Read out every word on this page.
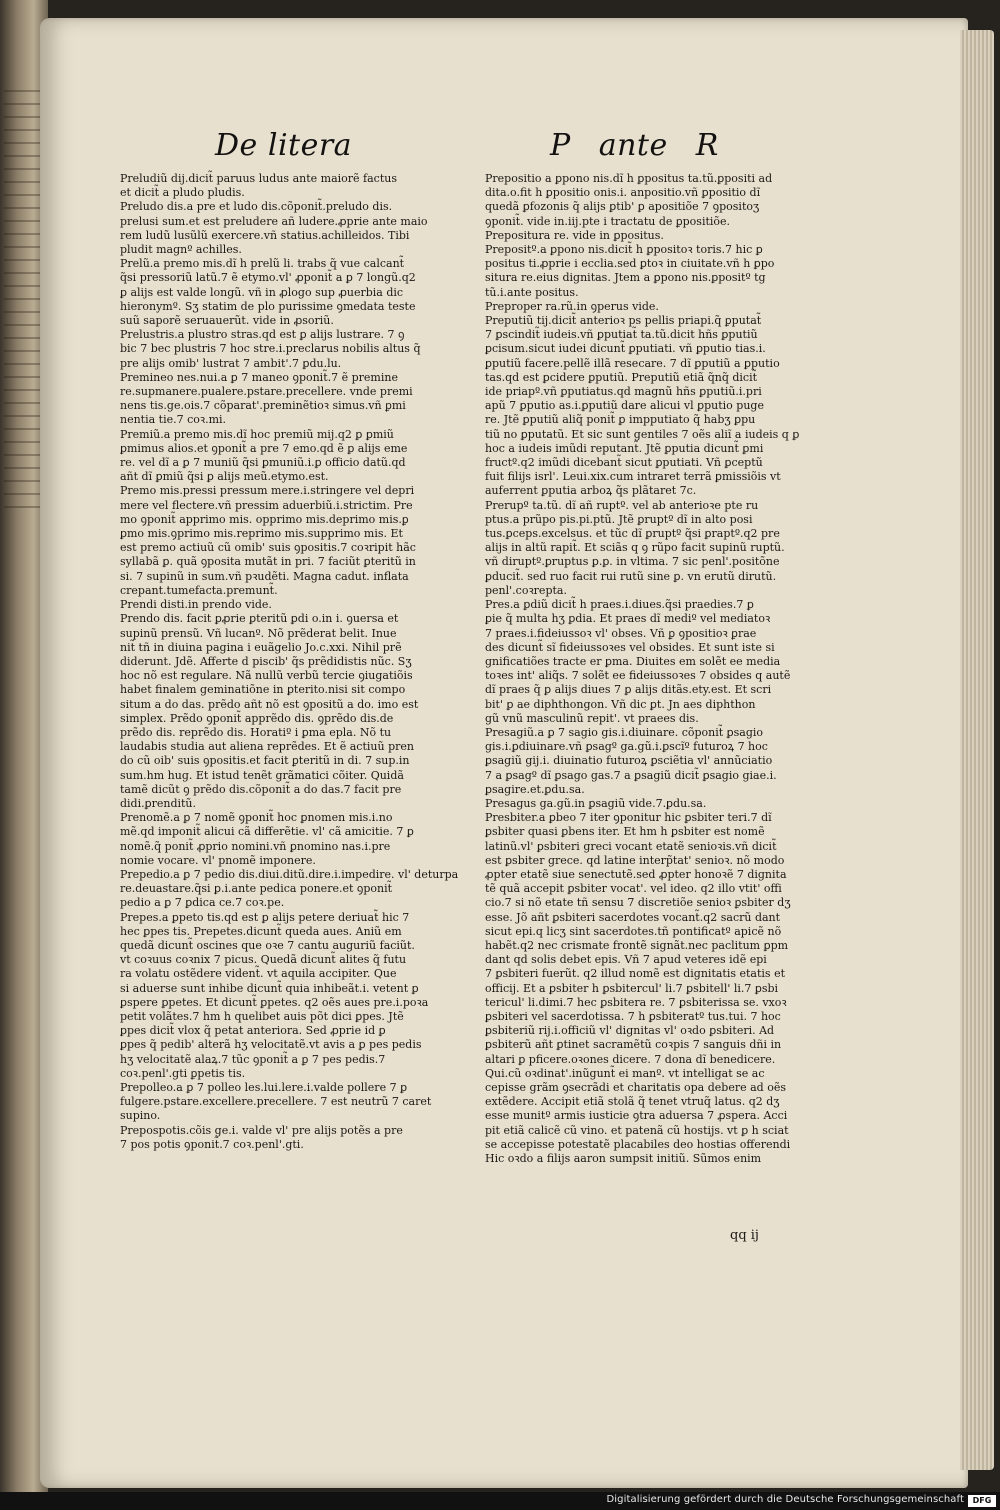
De litera	P ante R

Preludiũ dij.dicit̃ paruus ludus ante maiorẽ factus

et dicit̃ a pludo pludis.

Preludo dis.a pre et ludo dis.cõponit̃.preludo dis.

prelusi sum.et est preludere añ ludere.ꝓprie ante maio

rem ludũ lusũlũ exercere.vñ statius.achilleidos. Tibi

pludit magnº achilles.

Prelũ.a premo mis.dĩ h prelũ li. trabs q̃ vue calcant̃

q̃si pressoriũ latũ.7 ẽ etymo.vl' ꝓponit̃ a ꝑ 7 longũ.q2

ꝑ alijs est valde longũ. vñ in ꝓlogo sup ꝓuerbia dic

hieronymº. Sʒ statim de plo purissime ꝯmedata teste

suũ saporẽ seruauerũt. vide in ꝓsoriũ.

Prelustris.a plustro stras.qd est ꝑ alijs lustrare. 7 ꝯ

bic 7 bec plustris 7 hoc stre.i.preclarus nobilis altus q̃

pre alijs omib' lustrat 7 ambit'.7 ꝑdu.lu.

Premineo nes.nui.a ꝑ 7 maneo ꝯponit̃.7 ẽ premine

re.supmanere.pualere.pstare.precellere. vnde premi

nens tis.ge.ois.7 cõparat'.preminẽtioꝛ simus.vñ ꝑmi

nentia tie.7 coꝛ.mi.

Premiũ.a premo mis.dĩ hoc premiũ mij.q2 ꝑ ꝑmiũ

ꝑmimus alios.et ꝯponit̃ a pre 7 emo.qd ẽ ꝑ alijs eme

re. vel dĩ a ꝑ 7 muniũ q̃si ꝑmuniũ.i.ꝑ officio datũ.qd

añt dĩ ꝑmiũ q̃si ꝑ alijs meũ.etymo.est.

Premo mis.pressi pressum mere.i.stringere vel depri

mere vel flectere.vñ pressim aduerbiũ.i.strictim. Pre

mo ꝯponit̃ apprimo mis. opprimo mis.deprimo mis.ꝑ

ꝑmo mis.ꝯprimo mis.reprimo mis.supprimo mis. Et

est premo actiuũ cũ omib' suis ꝯpositis.7 coꝛripit hãc

syllabã ꝑ. quã ꝯposita mutãt in pri. 7 faciũt ꝑteritũ in

si. 7 supinũ in sum.vñ pꝛudẽti. Magna cadut. inflata

crepant.tumefacta.premunt̃.

Prendi disti.in prendo vide.

Prendo dis. facit ꝑꝓrie ꝑteritũ ꝑdi o.in i. ꝯuersa et

supinũ prensũ. Vñ lucanº. Nõ prẽderat belit. Inue

nit̃ tñ in diuina pagina i euãgelio Jo.c.xxi. Nihil prẽ

diderunt. Jdẽ. Afferte d piscib' q̃s prẽdidistis nũc. Sʒ

hoc nõ est regulare. Nã nullũ verbũ tercie ꝯiugatiõis

habet finalem geminatiõne in ꝑterito.nisi sit compo

situm a do das. prẽdo añt nõ est ꝯpositũ a do. imo est

simplex. Prẽdo ꝯponit̃ apprẽdo dis. ꝯprẽdo dis.de

prẽdo dis. reprẽdo dis. Horatiº i ꝑma epla. Nõ tu

laudabis studia aut aliena reprẽdes. Et ẽ actiuũ pren

do cũ oib' suis ꝯpositis.et facit ꝑteritũ in di. 7 sup.in

sum.hm hug. Et istud tenẽt grãmatici cõiter. Quidã

tamẽ dicũt ꝯ prẽdo dis.cõponit̃ a do das.7 facit pre

didi.ꝑrenditũ.

Prenomẽ.a ꝑ 7 nomẽ ꝯponit̃ hoc ꝑnomen mis.i.no

mẽ.qd imponit̃ alicui cã differẽtie. vl' cã amicitie. 7 ꝑ

nomẽ.q̃ ponit̃ ꝓprio nomini.vñ ꝑnomino nas.i.pre

nomie vocare. vl' pnomẽ imponere.

Prepedio.a ꝑ 7 pedio dis.diui.ditũ.dire.i.impedire. vl' deturpa

re.deuastare.q̃si ꝑ.i.ante pedica ponere.et ꝯponit̃

pedio a ꝑ 7 ꝑdica ce.7 coꝛ.pe.

Prepes.a ꝑpeto tis.qd est ꝑ alijs petere deriuat̃ hic 7

hec ꝑpes tis. Prepetes.dicunt̃ queda aues. Aniũ em

quedã dicunt̃ oscines que oꝛe 7 cantu auguriũ faciũt.

vt coꝛuus coꝛnix 7 picus. Quedã dicunt̃ alites q̃ futu

ra volatu ostẽdere vident̃. vt aquila accipiter. Que

si aduerse sunt inhibe dicunt̃ quia inhibeãt.i. vetent ꝑ

ꝑspere ꝑpetes. Et dicunt̃ ꝑpetes. q2 oẽs aues pre.i.poꝛa

petit volãtes.7 hm h quelibet auis põt dici ꝑpes. Jtẽ

ꝑpes dicit̃ vlox q̃ petat anteriora. Sed ꝓprie id ꝑ

ꝑpes q̃ pedib' alterã hʒ velocitatẽ.vt avis a ꝑ pes pedis

hʒ velocitatẽ alaꝝ.7 tũc ꝯponit̃ a ꝑ 7 pes pedis.7

coꝛ.penl'.gti ꝑpetis tis.

Prepolleo.a ꝑ 7 polleo les.lui.lere.i.valde pollere 7 ꝑ

fulgere.pstare.excellere.precellere. 7 est neutrũ 7 caret

supino.

Prepospotis.cõis ge.i. valde vl' pre alijs potẽs a pre

7 pos potis ꝯponit̃.7 coꝛ.penl'.gti.

Prepositio a ꝑpono nis.dĩ h ꝑpositus ta.tũ.ꝑpositi ad

dita.o.fit h ꝑpositio onis.i. anpositio.vñ ꝑpositio dĩ

quedã ꝑfozonis q̃ alijs ꝑtib' ꝑ apositiõe 7 ꝯpositoʒ

ꝯponit̃. vide in.iij.pte i tractatu de ꝑpositiõe.

Prepositura re. vide in ꝑpositus.

Prepositº.a ꝑpono nis.dicit̃ h ꝑpositoꝛ toris.7 hic ꝑ

positus ti.ꝓprie i ecclia.sed ꝑtoꝛ in ciuitate.vñ h ꝑpo

situra re.eius dignitas. Jtem a ꝑpono nis.ꝑpositº tg

tũ.i.ante positus.

Preproper ra.rũ.in ꝯperus vide.

Preputiũ tij.dicit̃ anterioꝛ ps pellis priapi.q̃ ꝑputat̃

7 ꝑscindit̃ iudeis.vñ ꝑputiat̃ ta.tũ.dicit hñs ꝑputiũ

ꝑcisum.sicut iudei dicunt̃ ꝑputiati. vñ ꝑputio tias.i.

ꝑputiũ facere.pellẽ illã resecare. 7 dĩ ꝑputiũ a ꝑputio

tas.qd est ꝑcidere ꝑputiũ. Preputiũ etiã q̃nq̃ dicit̃

ide priapº.vñ ꝑputiatus.qd magnũ hñs ꝑputiũ.i.pri

apũ 7 ꝑputio as.i.ꝑputiũ dare alicui vl ꝑputio puge

re. Jtẽ ꝑputiũ aliq̃ ponit̃ ꝑ impputiato q̃ habʒ ꝑpu

tiũ no ꝑputatũ. Et sic sunt gentiles 7 oẽs aliĩ a iudeis q ꝑ

hoc a iudeis imũdi reputant̃. Jtẽ ꝑputia dicunt̃ ꝑmi

fructº.q2 imũdi dicebant̃ sicut ꝑputiati. Vñ ꝑceptũ

fuit filijs isrl'. Leui.xix.cum intraret terrã ꝑmissiõis vt

auferrent ꝑputia arboꝝ q̃s plãtaret 7c.

Prerupº ta.tũ. dĩ añ ruptº. vel ab anterioꝛe pte ru

ptus.a prũpo pis.pi.ptũ. Jtẽ ꝑruptº dĩ in alto posi

tus.ꝑceps.excelsus. et tũc dĩ ꝑruptº q̃si ꝑraptº.q2 pre

alijs in altũ rapit̃. Et sciãs q ꝯ rũpo facit supinũ ruptũ.

vñ diruptº.ꝑruptus ꝑ.ꝑ. in vltima. 7 sic penl'.positõne

ꝑducit̃. sed ruo facit rui rutũ sine ꝑ. vn erutũ dirutũ.

penl'.coꝛrepta.

Pres.a ꝑdiũ dicit̃ h praes.i.diues.q̃si praedies.7 ꝑ

ꝑie q̃ multa hʒ ꝑdia. Et praes dĩ mediº vel mediatoꝛ

7 praes.i.fideiussoꝛ vl' obses. Vñ ꝑ ꝯpositioꝛ ꝑrae

des dicunt̃ sĩ fideiussoꝛes vel obsides. Et sunt iste si

gnificatiões tracte er ꝑma. Diuites em solẽt ee media

toꝛes int' aliq̃s. 7 solẽt ee fideiussoꝛes 7 obsides q autẽ

dĩ praes q̃ ꝑ alijs diues 7 ꝑ alijs ditãs.ety.est. Et scri

bit' ꝑ ae diphthongon. Vñ dic ꝑt. Jn aes diphthon

gũ vnũ masculinũ repit'. vt praees dis.

Presagiũ.a ꝑ 7 sagio gis.i.diuinare. cõponit̃ ꝑsagio

gis.i.ꝑdiuinare.vñ ꝑsagº ga.gũ.i.ꝑscĩº futuroꝝ 7 hoc

ꝑsagiũ gij.i. diuinatio futuroꝝ ꝑsciẽtia vl' annũciatio

7 a ꝑsagº dĩ ꝑsago gas.7 a ꝑsagiũ dicit̃ ꝑsagio giae.i.

ꝑsagire.et.ꝑdu.sa.

Presagus ga.gũ.in ꝑsagiũ vide.7.ꝑdu.sa.

Presbiter.a ꝑbeo 7 iter ꝯponitur hic ꝑsbiter teri.7 dĩ

ꝑsbiter quasi ꝑbens iter. Et hm h ꝑsbiter est nomẽ

latinũ.vl' ꝑsbiteri greci vocant etatẽ senioꝛis.vñ dicit̃

est ꝑsbiter grece. qd latine interp̃tat' senioꝛ. nõ modo

ꝓpter etatẽ siue senectutẽ.sed ꝓpter honoꝛẽ 7 dignita

tẽ quã accepit ꝑsbiter vocat'. vel ideo. q2 illo vtit' offi

cio.7 si nõ etate tñ sensu 7 discretiõe senioꝛ ꝑsbiter dʒ

esse. Jõ añt ꝑsbiteri sacerdotes vocant̃.q2 sacrũ dant

sicut epi.q licʒ sint sacerdotes.tñ pontificatº apicẽ nõ

habẽt.q2 nec crismate frontẽ signãt.nec paclitum ꝑpm

dant qd solis debet epis. Vñ 7 apud veteres idẽ epi

7 ꝑsbiteri fuerũt. q2 illud nomẽ est dignitatis etatis et

officij. Et a ꝑsbiter h ꝑsbitercul' li.7 ꝑsbitell' li.7 ꝑsbi

tericul' li.dimi.7 hec ꝑsbitera re. 7 ꝑsbiterissa se. vxoꝛ

ꝑsbiteri vel sacerdotissa. 7 h ꝑsbiteratº tus.tui. 7 hoc

ꝑsbiteriũ rij.i.officiũ vl' dignitas vl' oꝛdo ꝑsbiteri. Ad

ꝑsbiterũ añt ꝑtinet sacramẽtũ coꝛpis 7 sanguis dñi in

altari ꝑ pficere.oꝛones dicere. 7 dona dĩ benedicere.

Qui.cũ oꝛdinat'.inũgunt̃ ei manº. vt intelligat se ac

cepisse grãm ꝯsecrãdi et charitatis opa debere ad oẽs

extẽdere. Accipit etiã stolã q̃ tenet vtruq̃ latus. q2 dʒ

esse munitº armis iusticie ꝯtra aduersa 7 ꝓspera. Acci

pit etiã calicẽ cũ vino. et patenã cũ hostijs. vt ꝑ h sciat

se accepisse potestatẽ placabiles deo hostias offerendi

Hic oꝛdo a filijs aaron sumpsit initiũ. Sũmos enim

qq ij
Digitalisierung gefördert durch die Deutsche Forschungsgemeinschaft	DFG
